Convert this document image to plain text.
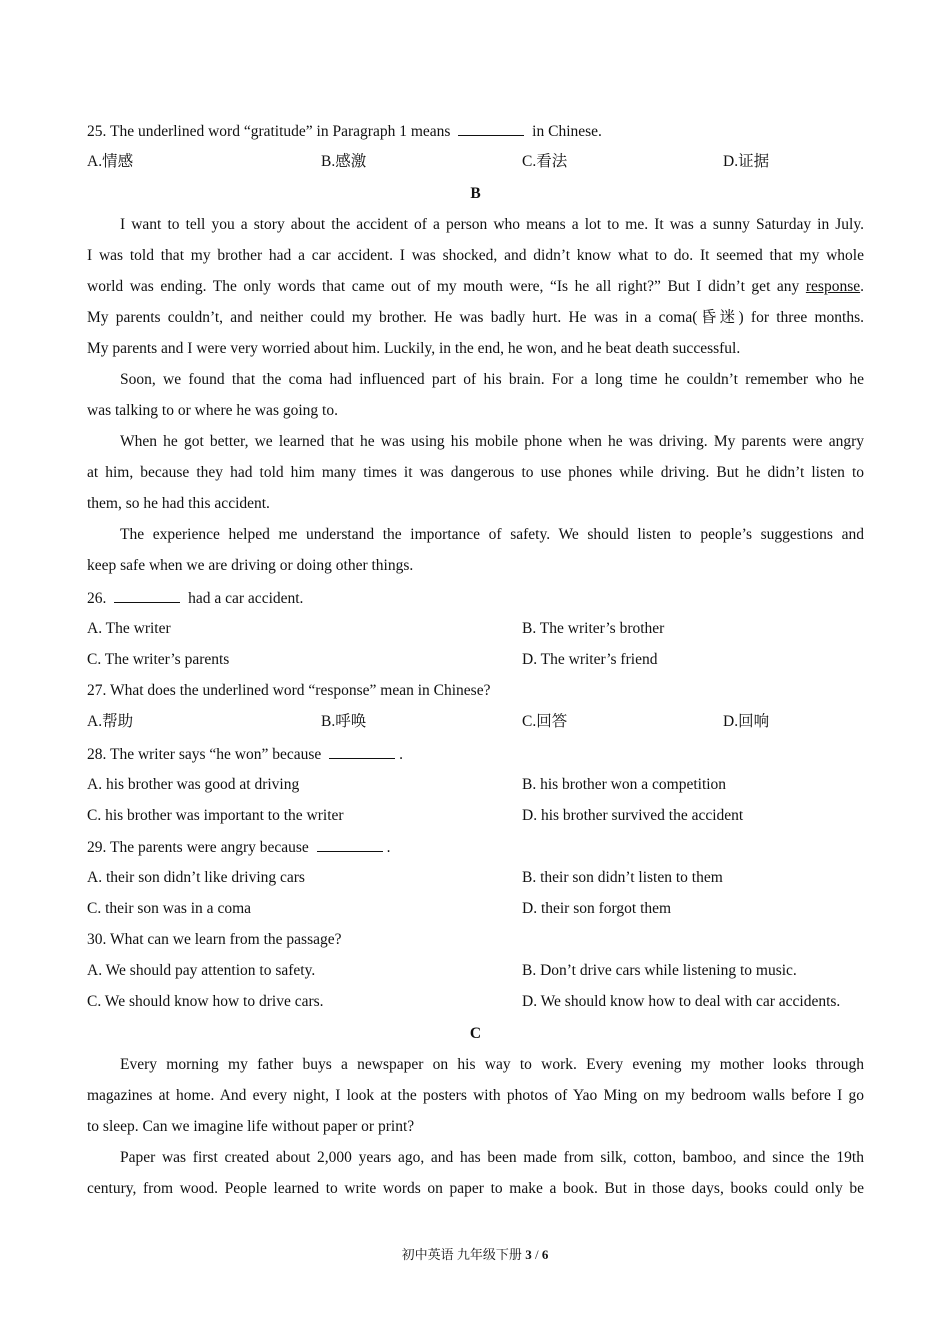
25. The underlined word “gratitude” in Paragraph 1 means	in Chinese.
A.情感	B.感激	C.看法	D.证据
B
I want to tell you a story about the accident of a person who means a lot to me. It was a sunny Saturday in July.
I was told that my brother had a car accident. I was shocked, and didn’t know what to do. It seemed that my whole
world was ending. The only words that came out of my mouth were, “Is he all right?” But I didn’t get any response.
My parents couldn’t, and neither could my brother. He was badly hurt. He was in a coma(昏迷) for three months.
My parents and I were very worried about him. Luckily, in the end, he won, and he beat death successful.
Soon, we found that the coma had influenced part of his brain. For a long time he couldn’t remember who he
was talking to or where he was going to.
When he got better, we learned that he was using his mobile phone when he was driving. My parents were angry
at him, because they had told him many times it was dangerous to use phones while driving. But he didn’t listen to
them, so he had this accident.
The experience helped me understand the importance of safety. We should listen to people’s suggestions and
keep safe when we are driving or doing other things.
26.	had a car accident.
A. The writer	B. The writer’s brother
C. The writer’s parents	D. The writer’s friend
27. What does the underlined word “response” mean in Chinese?
A.帮助	B.呼唤	C.回答	D.回响
28. The writer says “he won” because	.
A. his brother was good at driving	B. his brother won a competition
C. his brother was important to the writer	D. his brother survived the accident
29. The parents were angry because	.
A. their son didn’t like driving cars	B. their son didn’t listen to them
C. their son was in a coma	D. their son forgot them
30. What can we learn from the passage?
A. We should pay attention to safety.	B. Don’t drive cars while listening to music.
C. We should know how to drive cars.	D. We should know how to deal with car accidents.
C
Every morning my father buys a newspaper on his way to work. Every evening my mother looks through
magazines at home. And every night, I look at the posters with photos of Yao Ming on my bedroom walls before I go
to sleep. Can we imagine life without paper or print?
Paper was first created about 2,000 years ago, and has been made from silk, cotton, bamboo, and since the 19th
century, from wood. People learned to write words on paper to make a book. But in those days, books could only be
初中英语 九年级下册 3 / 6
